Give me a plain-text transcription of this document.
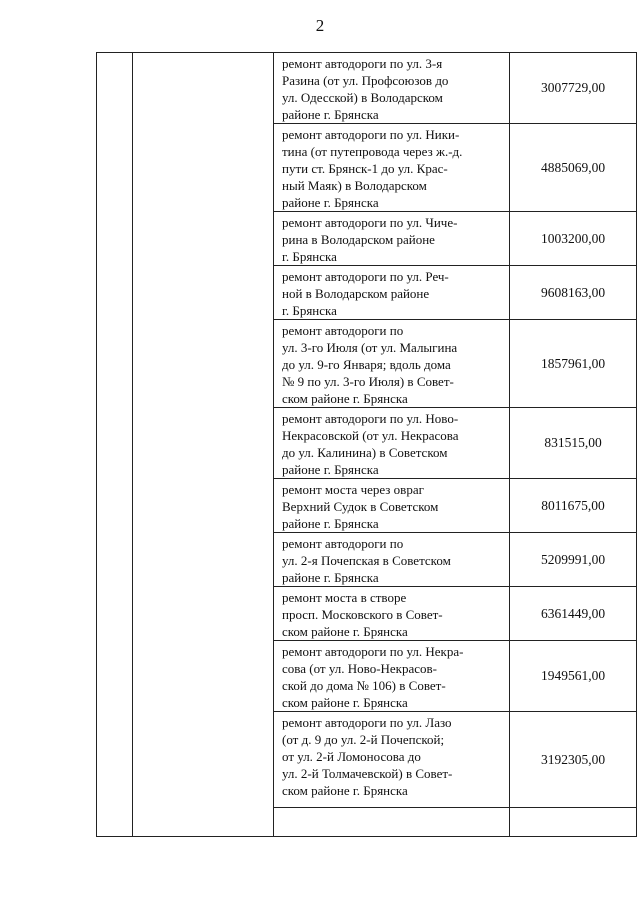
2
		ремонт автодороги по ул. 3-я
Разина (от ул. Профсоюзов до
ул. Одесской) в Володарском
районе г. Брянска	3007729,00
		ремонт автодороги по ул. Ники-
тина (от путепровода через ж.-д.
пути ст. Брянск-1 до ул. Крас-
ный Маяк) в Володарском
районе г. Брянска	4885069,00
		ремонт автодороги по ул. Чиче-
рина в Володарском районе
г. Брянска	1003200,00
		ремонт автодороги по ул. Реч-
ной в Володарском районе
г. Брянска	9608163,00
		ремонт автодороги по
ул. 3-го Июля (от ул. Малыгина
до ул. 9-го Января; вдоль дома
№ 9 по ул. 3-го Июля) в Совет-
ском районе г. Брянска	1857961,00
		ремонт автодороги по ул. Ново-
Некрасовской (от ул. Некрасова
до ул. Калинина) в Советском
районе г. Брянска	831515,00
		ремонт моста через овраг
Верхний Судок в Советском
районе г. Брянска	8011675,00
		ремонт автодороги по
ул. 2-я Почепская в Советском
районе г. Брянска	5209991,00
		ремонт моста в створе
просп. Московского в Совет-
ском районе г. Брянска	6361449,00
		ремонт автодороги по ул. Некра-
сова (от ул. Ново-Некрасов-
ской до дома № 106) в Совет-
ском районе г. Брянска	1949561,00
		ремонт автодороги по ул. Лазо
(от д. 9 до ул. 2-й Почепской;
от ул. 2-й Ломоносова до
ул. 2-й Толмачевской) в Совет-
ском районе г. Брянска	3192305,00
